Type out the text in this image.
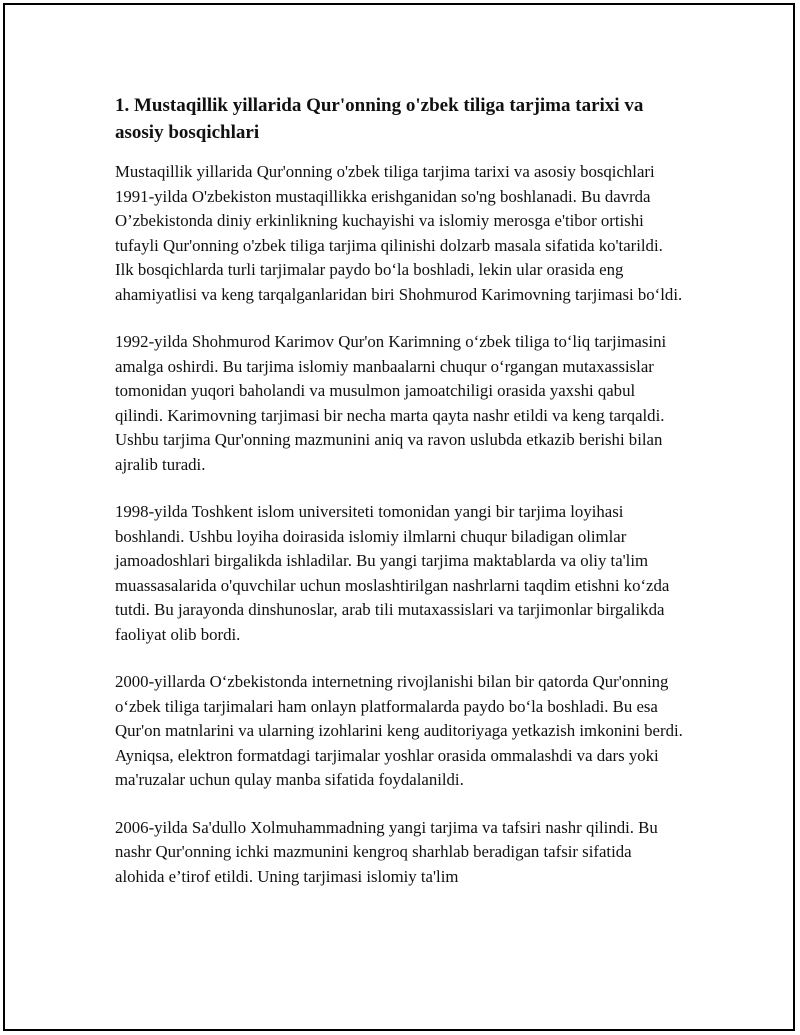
1. Mustaqillik yillarida Qur'onning o'zbek tiligа tarjima tarixi va asosiy bosqichlari

Mustaqillik yillarida Qur'onning o'zbek tiliga tarjima tarixi va asosiy bosqichlari 1991-yilda O'zbekiston mustaqillikka erishganidan so'ng boshlanadi. Bu davrda O’zbekistonda diniy erkinlikning kuchayishi va islomiy merosga e'tibor ortishi tufayli Qur'onning o'zbek tiliga tarjima qilinishi dolzarb masala sifatida ko'tarildi. Ilk bosqichlarda turli tarjimalar paydo bo‘la boshladi, lekin ular orasida eng ahamiyatlisi va keng tarqalganlaridan biri Shohmurod Karimovning tarjimasi bo‘ldi.

1992-yilda Shohmurod Karimov Qur'on Karimning o‘zbek tiliga to‘liq tarjimasini amalga oshirdi. Bu tarjima islomiy manbaalarni chuqur o‘rgangan mutaxassislar tomonidan yuqori baholandi va musulmon jamoatchiligi orasida yaxshi qabul qilindi. Karimovning tarjimasi bir necha marta qayta nashr etildi va keng tarqaldi. Ushbu tarjima Qur'onning mazmunini aniq va ravon uslubda etkazib berishi bilan ajralib turadi.

1998-yilda Toshkent islom universiteti tomonidan yangi bir tarjima loyihasi boshlandi. Ushbu loyiha doirasida islomiy ilmlarni chuqur biladigan olimlar jamoadoshlari birgalikda ishladilar. Bu yangi tarjima maktablarda va oliy ta'lim muassasalarida o'quvchilar uchun moslashtirilgan nashrlarni taqdim etishni ko‘zda tutdi. Bu jarayonda dinshunoslar, arab tili mutaxassislari va tarjimonlar birgalikda faoliyat olib bordi.

2000-yillarda O‘zbekistonda internetning rivojlanishi bilan bir qatorda Qur'onning o‘zbek tiliga tarjimalari ham onlayn platformalarda paydo bo‘la boshladi. Bu esa Qur'on matnlarini va ularning izohlarini keng auditoriyaga yetkazish imkonini berdi. Ayniqsa, elektron formatdagi tarjimalar yoshlar orasida ommalashdi va dars yoki ma'ruzalar uchun qulay manba sifatida foydalanildi.

2006-yilda Sa'dullo Xolmuhammadning yangi tarjima va tafsiri nashr qilindi. Bu nashr Qur'onning ichki mazmunini kengroq sharhlab beradigan tafsir sifatida alohida e’tirof etildi. Uning tarjimasi islomiy ta'lim
